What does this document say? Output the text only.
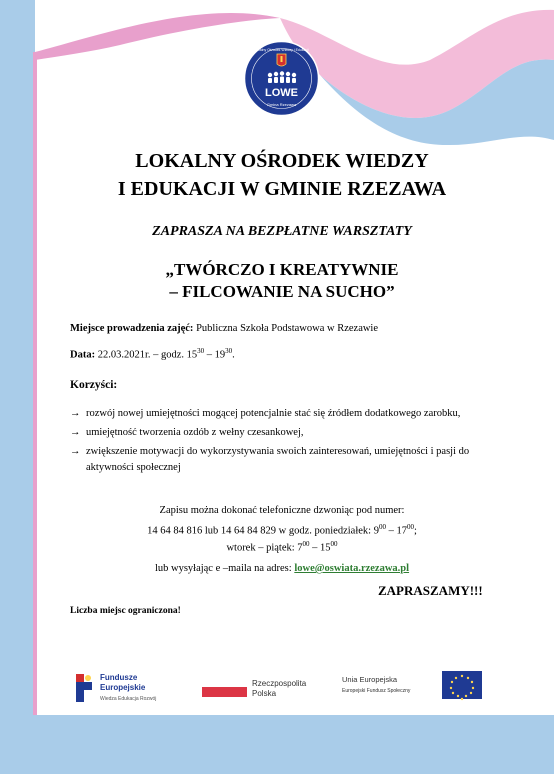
LOWE
Gmina Rzezawa
Lokalny Ośrodek Wiedzy i Edukacji
LOKALNY OŚRODEK WIEDZY
I EDUKACJI W GMINIE RZEZAWA
ZAPRASZA NA BEZPŁATNE WARSZTATY
„TWÓRCZO I KREATYWNIE
– FILCOWANIE NA SUCHO”
Miejsce prowadzenia zajęć: Publiczna Szkoła Podstawowa w Rzezawie
Data: 22.03.2021r. – godz. $15^{30} - 19^{30}$.
Korzyści:
→ rozwój nowej umiejętności mogącej potencjalnie stać się źródłem dodatkowego zarobku,
→ umiejętność tworzenia ozdób z wełny czesankowej,
→ zwiększenie motywacji do wykorzystywania swoich zainteresowań, umiejętności i pasji do aktywności społecznej
Zapisu można dokonać telefoniczne dzwoniąc pod numer:
14 64 84 816 lub 14 64 84 829 w godz. poniedziałek: $9^{00} - 17^{00}$;
wtorek – piątek: $7^{00} - 15^{00}$
lub wysyłając e –maila na adres: lowe@oswiata.rzezawa.pl
ZAPRASZAMY!!!
Liczba miejsc ograniczona!
Fundusze
Europejskie
Wiedza Edukacja Rozwój
Rzeczpospolita
Polska
Unia Europejska
Europejski Fundusz Społeczny
